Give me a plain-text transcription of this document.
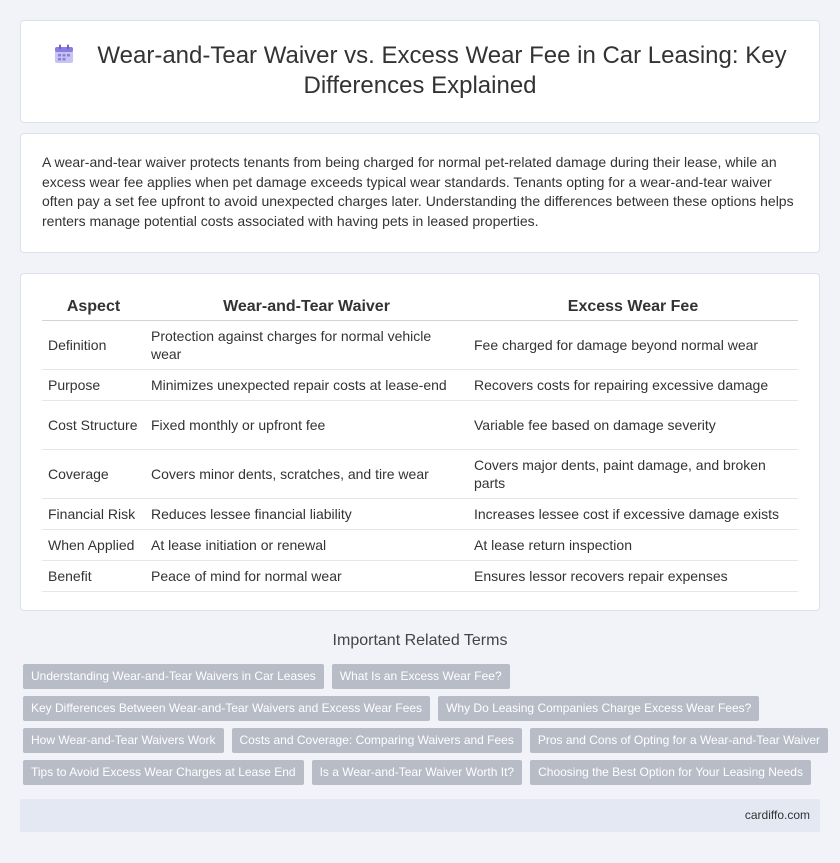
Wear-and-Tear Waiver vs. Excess Wear Fee in Car Leasing: Key Differences Explained

A wear-and-tear waiver protects tenants from being charged for normal pet-related damage during their lease, while an excess wear fee applies when pet damage exceeds typical wear standards. Tenants opting for a wear-and-tear waiver often pay a set fee upfront to avoid unexpected charges later. Understanding the differences between these options helps renters manage potential costs associated with having pets in leased properties.

Aspect	Wear-and-Tear Waiver	Excess Wear Fee
Definition	Protection against charges for normal vehicle wear	Fee charged for damage beyond normal wear
Purpose	Minimizes unexpected repair costs at lease-end	Recovers costs for repairing excessive damage
Cost Structure	Fixed monthly or upfront fee	Variable fee based on damage severity
Coverage	Covers minor dents, scratches, and tire wear	Covers major dents, paint damage, and broken parts
Financial Risk	Reduces lessee financial liability	Increases lessee cost if excessive damage exists
When Applied	At lease initiation or renewal	At lease return inspection
Benefit	Peace of mind for normal wear	Ensures lessor recovers repair expenses
Important Related Terms
Understanding Wear-and-Tear Waivers in Car Leases	What Is an Excess Wear Fee?
Key Differences Between Wear-and-Tear Waivers and Excess Wear Fees	Why Do Leasing Companies Charge Excess Wear Fees?
How Wear-and-Tear Waivers Work	Costs and Coverage: Comparing Waivers and Fees	Pros and Cons of Opting for a Wear-and-Tear Waiver
Tips to Avoid Excess Wear Charges at Lease End	Is a Wear-and-Tear Waiver Worth It?	Choosing the Best Option for Your Leasing Needs
cardiffo.com
